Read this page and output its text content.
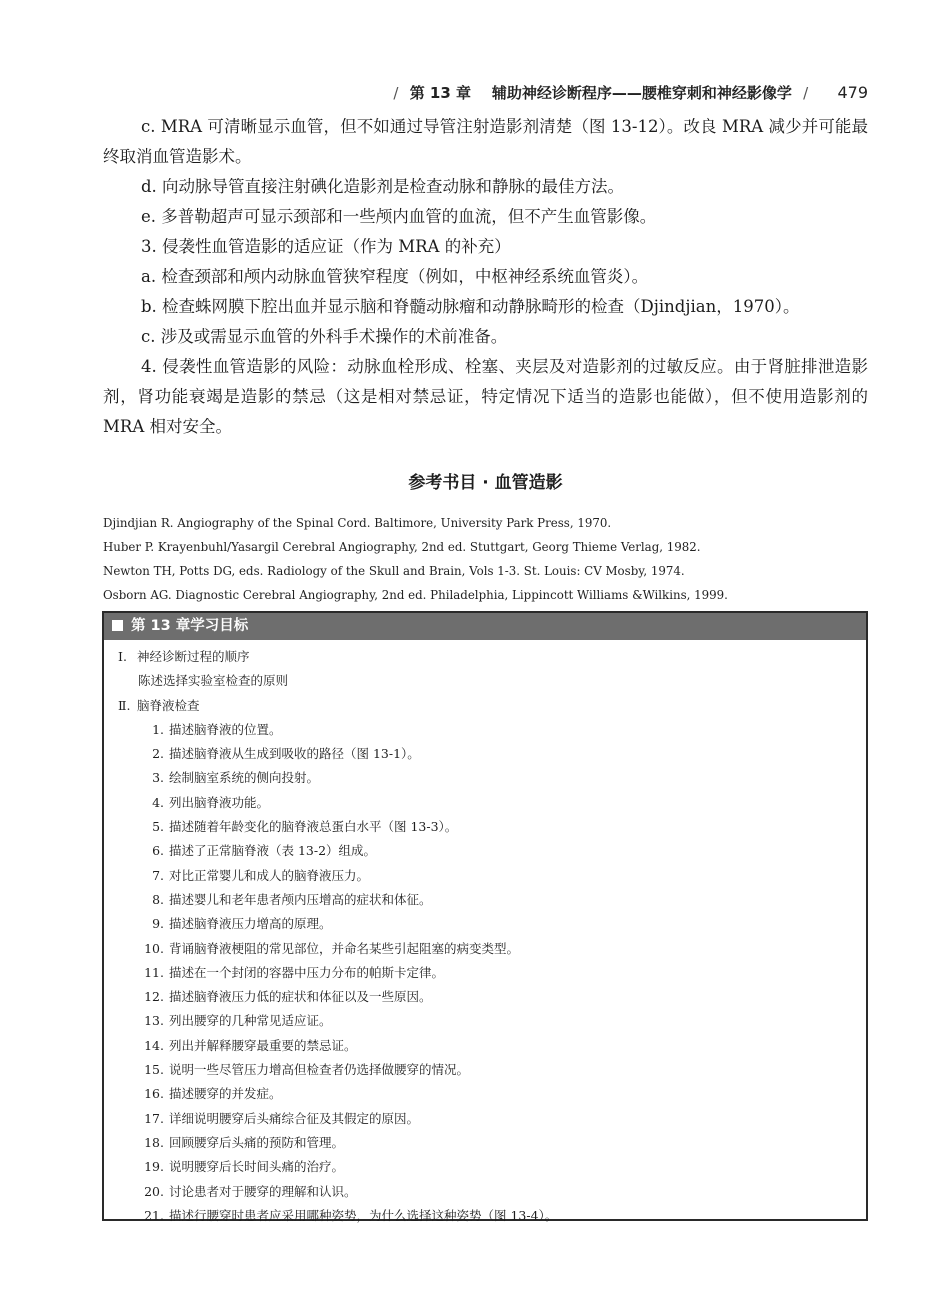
/ 第 13 章 辅助神经诊断程序——腰椎穿刺和神经影像学 / 479

c. MRA 可清晰显示血管，但不如通过导管注射造影剂清楚（图 13-12）。改良 MRA 减少并可能最终取消血管造影术。

d. 向动脉导管直接注射碘化造影剂是检查动脉和静脉的最佳方法。

e. 多普勒超声可显示颈部和一些颅内血管的血流，但不产生血管影像。

3. 侵袭性血管造影的适应证（作为 MRA 的补充）

a. 检查颈部和颅内动脉血管狭窄程度（例如，中枢神经系统血管炎）。

b. 检查蛛网膜下腔出血并显示脑和脊髓动脉瘤和动静脉畸形的检查（Djindjian，1970）。

c. 涉及或需显示血管的外科手术操作的术前准备。

4. 侵袭性血管造影的风险：动脉血栓形成、栓塞、夹层及对造影剂的过敏反应。由于肾脏排泄造影剂，肾功能衰竭是造影的禁忌（这是相对禁忌证，特定情况下适当的造影也能做），但不使用造影剂的 MRA 相对安全。

参考书目 · 血管造影
Djindjian R. Angiography of the Spinal Cord. Baltimore, University Park Press, 1970.
Huber P. Krayenbuhl/Yasargil Cerebral Angiography, 2nd ed. Stuttgart, Georg Thieme Verlag, 1982.
Newton TH, Potts DG, eds. Radiology of the Skull and Brain, Vols 1-3. St. Louis: CV Mosby, 1974.
Osborn AG. Diagnostic Cerebral Angiography, 2nd ed. Philadelphia, Lippincott Williams &Wilkins, 1999.
第 13 章学习目标
Ⅰ. 神经诊断过程的顺序
陈述选择实验室检查的原则
Ⅱ. 脑脊液检查
1. 描述脑脊液的位置。
2. 描述脑脊液从生成到吸收的路径（图 13-1）。
3. 绘制脑室系统的侧向投射。
4. 列出脑脊液功能。
5. 描述随着年龄变化的脑脊液总蛋白水平（图 13-3）。
6. 描述了正常脑脊液（表 13-2）组成。
7. 对比正常婴儿和成人的脑脊液压力。
8. 描述婴儿和老年患者颅内压增高的症状和体征。
9. 描述脑脊液压力增高的原理。
10. 背诵脑脊液梗阻的常见部位，并命名某些引起阻塞的病变类型。
11. 描述在一个封闭的容器中压力分布的帕斯卡定律。
12. 描述脑脊液压力低的症状和体征以及一些原因。
13. 列出腰穿的几种常见适应证。
14. 列出并解释腰穿最重要的禁忌证。
15. 说明一些尽管压力增高但检查者仍选择做腰穿的情况。
16. 描述腰穿的并发症。
17. 详细说明腰穿后头痛综合征及其假定的原因。
18. 回顾腰穿后头痛的预防和管理。
19. 说明腰穿后长时间头痛的治疗。
20. 讨论患者对于腰穿的理解和认识。
21. 描述行腰穿时患者应采用哪种姿势，为什么选择这种姿势（图 13-4）。
